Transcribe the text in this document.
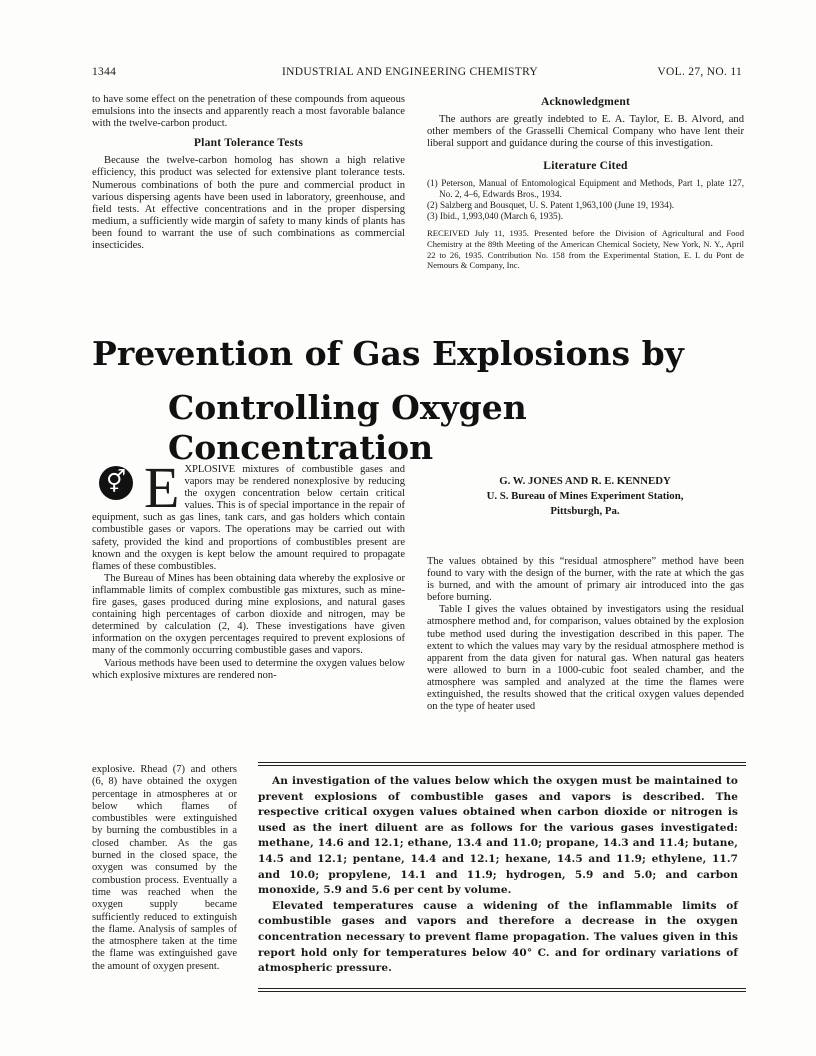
1344	INDUSTRIAL AND ENGINEERING CHEMISTRY	VOL. 27, NO. 11

to have some effect on the penetration of these compounds from aqueous emulsions into the insects and apparently reach a most favorable balance with the twelve-carbon product.

Plant Tolerance Tests

Because the twelve-carbon homolog has shown a high relative efficiency, this product was selected for extensive plant tolerance tests. Numerous combinations of both the pure and commercial product in various dispersing agents have been used in laboratory, greenhouse, and field tests. At effective concentrations and in the proper dispersing medium, a sufficiently wide margin of safety to many kinds of plants has been found to warrant the use of such combinations as commercial insecticides.

Acknowledgment

The authors are greatly indebted to E. A. Taylor, E. B. Alvord, and other members of the Grasselli Chemical Company who have lent their liberal support and guidance during the course of this investigation.

Literature Cited

(1) Peterson, Manual of Entomological Equipment and Methods, Part 1, plate 127, No. 2, 4–6, Edwards Bros., 1934.

(2) Salzberg and Bousquet, U. S. Patent 1,963,100 (June 19, 1934).

(3) Ibid., 1,993,040 (March 6, 1935).

RECEIVED July 11, 1935. Presented before the Division of Agricultural and Food Chemistry at the 89th Meeting of the American Chemical Society, New York, N. Y., April 22 to 26, 1935. Contribution No. 158 from the Experimental Station, E. I. du Pont de Nemours & Company, Inc.
Prevention of Gas Explosions by
Controlling Oxygen Concentration
G. W. JONES AND R. E. KENNEDY
U. S. Bureau of Mines Experiment Station,
Pittsburgh, Pa.
⚥ E XPLOSIVE mixtures of combustible gases and vapors may be rendered nonexplosive by reducing the oxygen concentration below certain critical values. This is of special importance in the repair of equipment, such as gas lines, tank cars, and gas holders which contain combustible gases or vapors. The operations may be carried out with safety, provided the kind and proportions of combustibles present are known and the oxygen is kept below the amount required to propagate flames of these combustibles.

The Bureau of Mines has been obtaining data whereby the explosive or inflammable limits of complex combustible gas mixtures, such as mine-fire gases, gases produced during mine explosions, and natural gases containing high percentages of carbon dioxide and nitrogen, may be determined by calculation (2, 4). These investigations have given information on the oxygen percentages required to prevent explosions of many of the commonly occurring combustible gases and vapors.

Various methods have been used to determine the oxygen values below which explosive mixtures are rendered non-

explosive. Rhead (7) and others (6, 8) have obtained the oxygen percentage in atmospheres at or below which flames of combustibles were extinguished by burning the combustibles in a closed chamber. As the gas burned in the closed space, the oxygen was consumed by the combustion process. Eventually a time was reached when the oxygen supply became sufficiently reduced to extinguish the flame. Analysis of samples of the atmosphere taken at the time the flame was extinguished gave the amount of oxygen present.

The values obtained by this “residual atmosphere” method have been found to vary with the design of the burner, with the rate at which the gas is burned, and with the amount of primary air introduced into the gas before burning.

Table I gives the values obtained by investigators using the residual atmosphere method and, for comparison, values obtained by the explosion tube method used during the investigation described in this paper. The extent to which the values may vary by the residual atmosphere method is apparent from the data given for natural gas. When natural gas heaters were allowed to burn in a 1000-cubic foot sealed chamber, and the atmosphere was sampled and analyzed at the time the flames were extinguished, the results showed that the critical oxygen values depended on the type of heater used

An investigation of the values below which the oxygen must be maintained to prevent explosions of combustible gases and vapors is described. The respective critical oxygen values obtained when carbon dioxide or nitrogen is used as the inert diluent are as follows for the various gases investigated: methane, 14.6 and 12.1; ethane, 13.4 and 11.0; propane, 14.3 and 11.4; butane, 14.5 and 12.1; pentane, 14.4 and 12.1; hexane, 14.5 and 11.9; ethylene, 11.7 and 10.0; propylene, 14.1 and 11.9; hydrogen, 5.9 and 5.0; and carbon monoxide, 5.9 and 5.6 per cent by volume.

Elevated temperatures cause a widening of the inflammable limits of combustible gases and vapors and therefore a decrease in the oxygen concentration necessary to prevent flame propagation. The values given in this report hold only for temperatures below 40° C. and for ordinary variations of atmospheric pressure.
